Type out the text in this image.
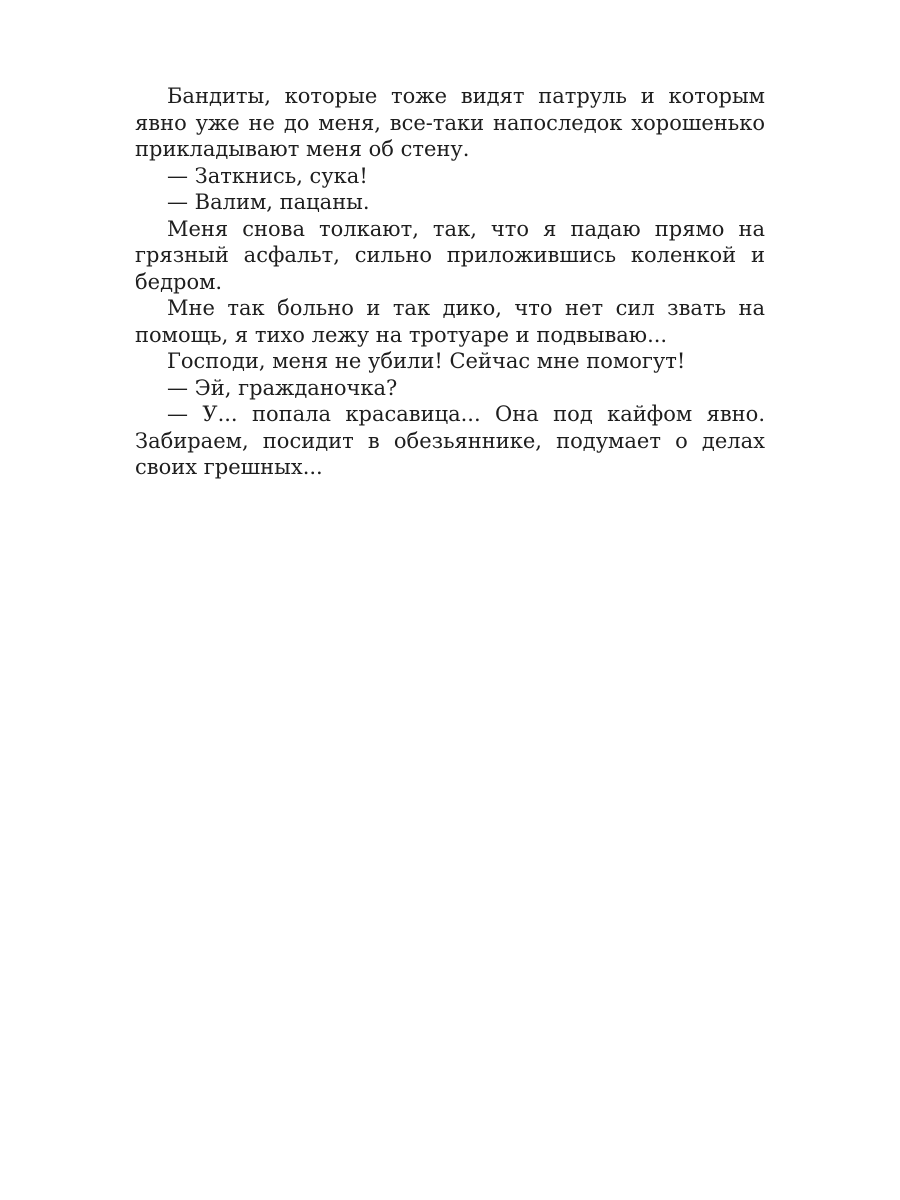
Бандиты, которые тоже видят патруль и которым явно уже не до меня, все-таки напоследок хорошенько прикладывают меня об стену.

— Заткнись, сука!

— Валим, пацаны.

Меня снова толкают, так, что я падаю прямо на грязный асфальт, сильно приложившись коленкой и бедром.

Мне так больно и так дико, что нет сил звать на помощь, я тихо лежу на тротуаре и подвываю...

Господи, меня не убили! Сейчас мне помогут!

— Эй, гражданочка?

— У... попала красавица... Она под кайфом явно. Забираем, посидит в обезьяннике, подумает о делах своих грешных...
